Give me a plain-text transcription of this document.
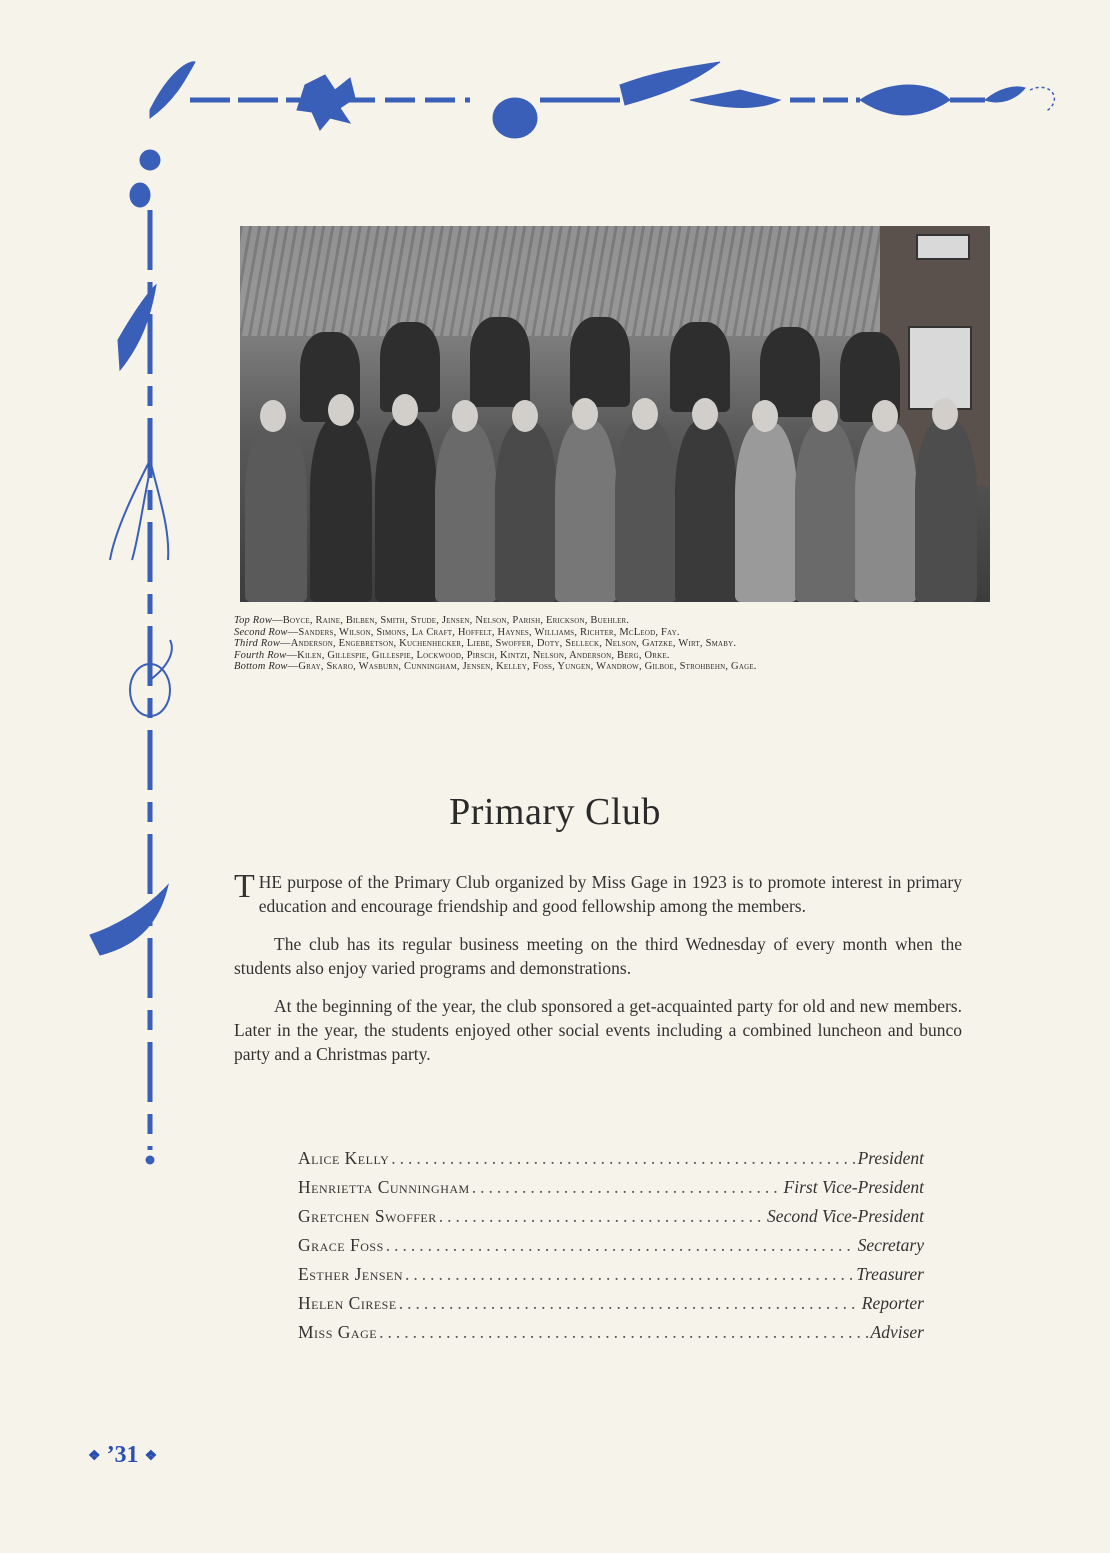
Top Row—Boyce, Raine, Bilben, Smith, Stude, Jensen, Nelson, Parish, Erickson, Buehler.

Second Row—Sanders, Wilson, Simons, La Craft, Hoffelt, Haynes, Williams, Richter, McLeod, Fay.

Third Row—Anderson, Engebretson, Kuchenhecker, Liebe, Swoffer, Doty, Selleck, Nelson, Gatzke, Wirt, Smaby.

Fourth Row—Kilen, Gillespie, Gillespie, Lockwood, Pirsch, Kintzi, Nelson, Anderson, Berg, Orke.

Bottom Row—Gray, Skaro, Wasburn, Cunningham, Jensen, Kelley, Foss, Yungen, Wandrow, Gilboe, Strohbehn, Gage.

Primary Club

THE purpose of the Primary Club organized by Miss Gage in 1923 is to promote interest in primary education and encourage friendship and good fellowship among the members.

The club has its regular business meeting on the third Wednesday of every month when the students also enjoy varied programs and demonstrations.

At the beginning of the year, the club sponsored a get-acquainted party for old and new members. Later in the year, the students enjoyed other social events including a combined luncheon and bunco party and a Christmas party.

Alice Kelly .....	President
Henrietta Cunningham .....	First Vice-President
Gretchen Swoffer .....	Second Vice-President
Grace Foss .....	Secretary
Esther Jensen .....	Treasurer
Helen Cirese .....	Reporter
Miss Gage .....	Adviser
❖ ’31 ❖
